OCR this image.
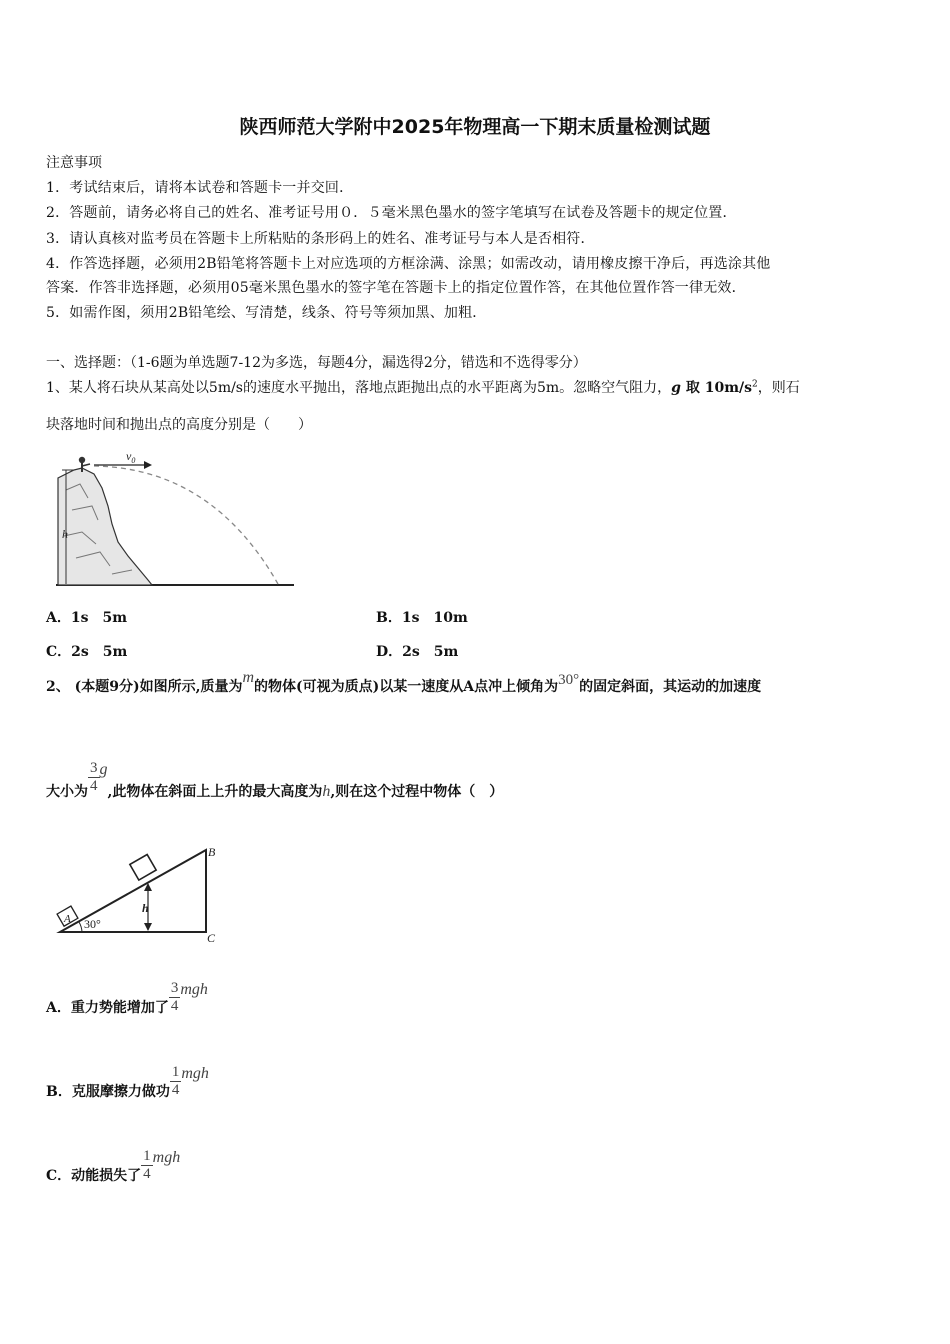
陕西师范大学附中2025年物理高一下期末质量检测试题
注意事项
1．考试结束后，请将本试卷和答题卡一并交回．
2．答题前，请务必将自己的姓名、准考证号用０．５毫米黑色墨水的签字笔填写在试卷及答题卡的规定位置．
3．请认真核对监考员在答题卡上所粘贴的条形码上的姓名、准考证号与本人是否相符．
4．作答选择题，必须用2B铅笔将答题卡上对应选项的方框涂满、涂黑；如需改动，请用橡皮擦干净后，再选涂其他
答案．作答非选择题，必须用05毫米黑色墨水的签字笔在答题卡上的指定位置作答，在其他位置作答一律无效．
5．如需作图，须用2B铅笔绘、写清楚，线条、符号等须加黑、加粗．
一、选择题：（1-6题为单选题7-12为多选，每题4分，漏选得2分，错选和不选得零分）
1、某人将石块从某高处以5m/s的速度水平抛出，落地点距抛出点的水平距离为5m。忽略空气阻力，g 取 $10m/s^2$，则石
块落地时间和抛出点的高度分别是（　　）
h
$v_0$
A．1s　5m	B．1s　10m
C．2s　5m	D．2s　5m
2、 (本题9分)如图所示,质量为m的物体(可视为质点)以某一速度从A点冲上倾角为30°的固定斜面，其运动的加速度
大小为 $\frac{3}{4} g$,此物体在斜面上上升的最大高度为h,则在这个过程中物体（　）
h
A
B
C
30°
A．重力势能增加了 $\frac{3}{4}$ mgh
B．克服摩擦力做功 $\frac{1}{4}$ mgh
C．动能损失了 $\frac{1}{4}$ mgh
